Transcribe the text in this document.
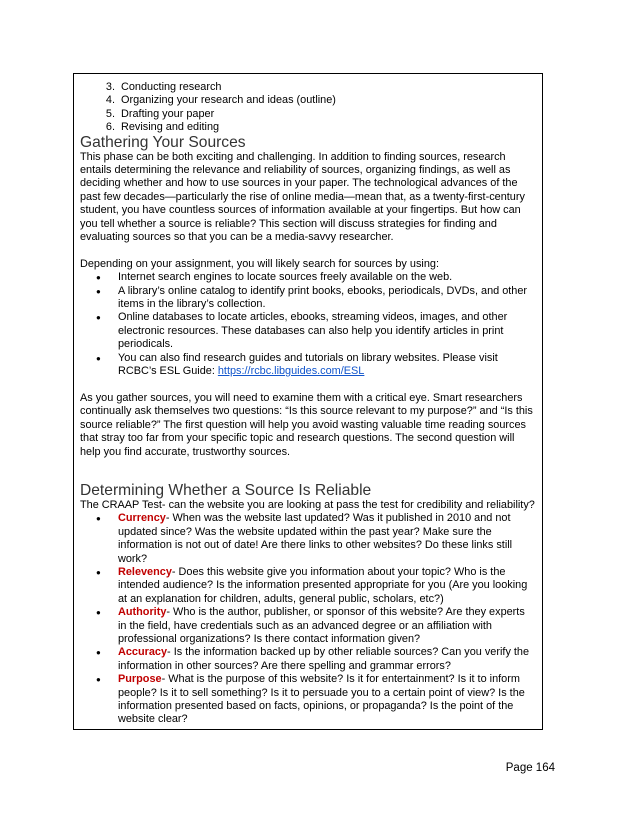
3. Conducting research
4. Organizing your research and ideas (outline)
5. Drafting your paper
6. Revising and editing
Gathering Your Sources

This phase can be both exciting and challenging. In addition to finding sources, research entails determining the relevance and reliability of sources, organizing findings, as well as deciding whether and how to use sources in your paper. The technological advances of the past few decades—particularly the rise of online media—mean that, as a twenty-first-century student, you have countless sources of information available at your fingertips. But how can you tell whether a source is reliable? This section will discuss strategies for finding and evaluating sources so that you can be a media-savvy researcher.

Depending on your assignment, you will likely search for sources by using:

● Internet search engines to locate sources freely available on the web.
● A library’s online catalog to identify print books, ebooks, periodicals, DVDs, and other items in the library’s collection.
● Online databases to locate articles, ebooks, streaming videos, images, and other electronic resources. These databases can also help you identify articles in print periodicals.
● You can also find research guides and tutorials on library websites. Please visit RCBC’s ESL Guide: https://rcbc.libguides.com/ESL

As you gather sources, you will need to examine them with a critical eye. Smart researchers continually ask themselves two questions: “Is this source relevant to my purpose?” and “Is this source reliable?” The first question will help you avoid wasting valuable time reading sources that stray too far from your specific topic and research questions. The second question will help you find accurate, trustworthy sources.

Determining Whether a Source Is Reliable

The CRAAP Test- can the website you are looking at pass the test for credibility and reliability?

● Currency- When was the website last updated? Was it published in 2010 and not updated since? Was the website updated within the past year? Make sure the information is not out of date! Are there links to other websites? Do these links still work?
● Relevency- Does this website give you information about your topic? Who is the intended audience? Is the information presented appropriate for you (Are you looking at an explanation for children, adults, general public, scholars, etc?)
● Authority- Who is the author, publisher, or sponsor of this website? Are they experts in the field, have credentials such as an advanced degree or an affiliation with professional organizations? Is there contact information given?
● Accuracy- Is the information backed up by other reliable sources? Can you verify the information in other sources? Are there spelling and grammar errors?
● Purpose- What is the purpose of this website? Is it for entertainment? Is it to inform people? Is it to sell something? Is it to persuade you to a certain point of view? Is the information presented based on facts, opinions, or propaganda? Is the point of the website clear?
Page 164
